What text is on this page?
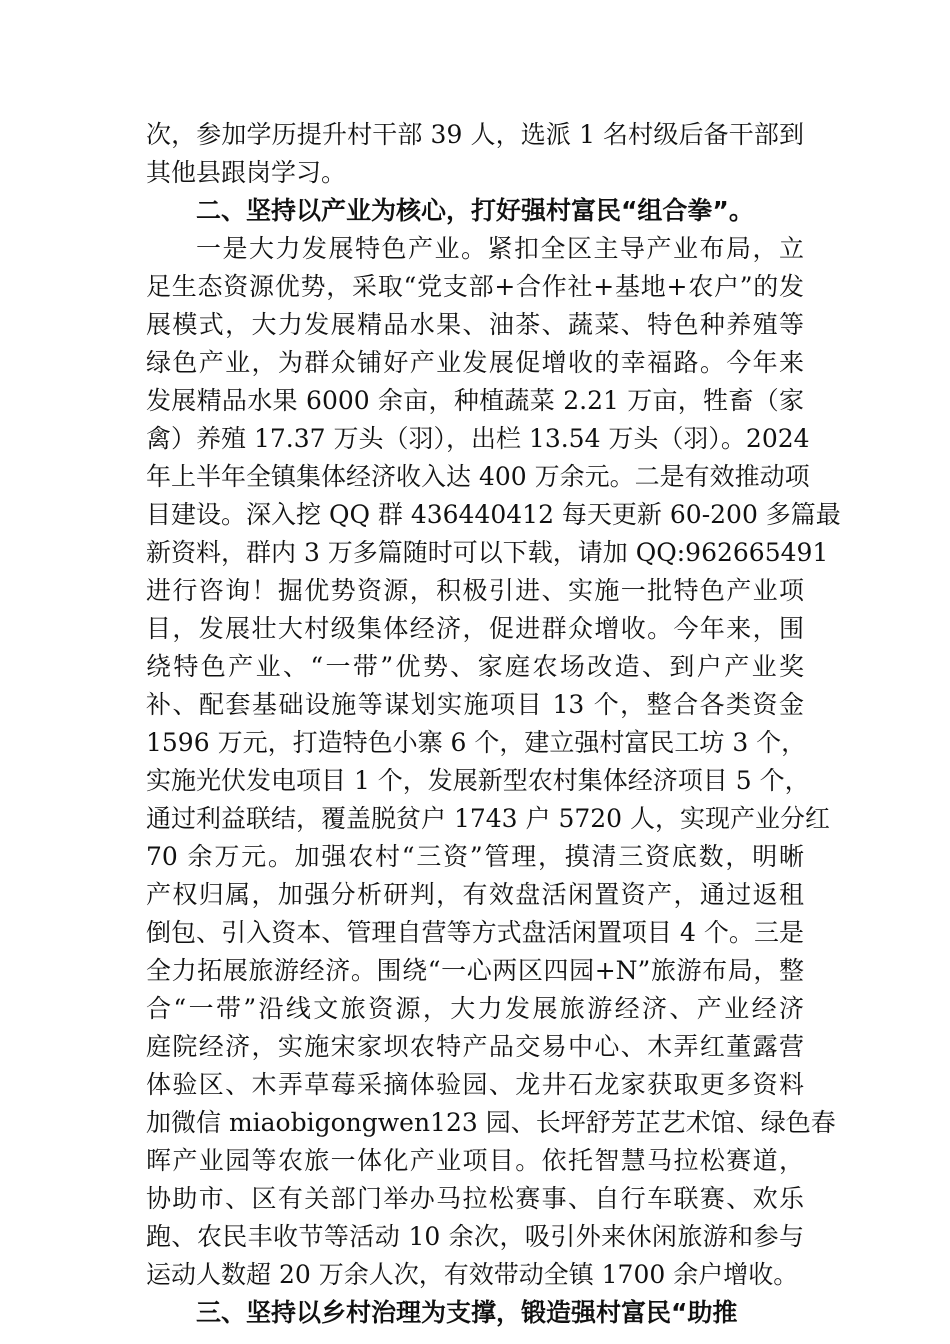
次，参加学历提升村干部 39 人，选派 1 名村级后备干部到
其他县跟岗学习。
二、坚持以产业为核心，打好强村富民“组合拳”。
一是大力发展特色产业。紧扣全区主导产业布局，立
足生态资源优势，采取“党支部+合作社+基地+农户”的发
展模式，大力发展精品水果、油茶、蔬菜、特色种养殖等
绿色产业，为群众铺好产业发展促增收的幸福路。今年来
发展精品水果 6000 余亩，种植蔬菜 2.21 万亩，牲畜（家
禽）养殖 17.37 万头（羽），出栏 13.54 万头（羽）。2024
年上半年全镇集体经济收入达 400 万余元。二是有效推动项
目建设。深入挖 QQ 群 436440412 每天更新 60-200 多篇最
新资料，群内 3 万多篇随时可以下载，请加 QQ:962665491
进行咨询！掘优势资源，积极引进、实施一批特色产业项
目，发展壮大村级集体经济，促进群众增收。今年来，围
绕特色产业、“一带”优势、家庭农场改造、到户产业奖
补、配套基础设施等谋划实施项目 13 个，整合各类资金
1596 万元，打造特色小寨 6 个，建立强村富民工坊 3 个，
实施光伏发电项目 1 个，发展新型农村集体经济项目 5 个，
通过利益联结，覆盖脱贫户 1743 户 5720 人，实现产业分红
70 余万元。加强农村“三资”管理，摸清三资底数，明晰
产权归属，加强分析研判，有效盘活闲置资产，通过返租
倒包、引入资本、管理自营等方式盘活闲置项目 4 个。三是
全力拓展旅游经济。围绕“一心两区四园+N”旅游布局，整
合“一带”沿线文旅资源，大力发展旅游经济、产业经济
庭院经济，实施宋家坝农特产品交易中心、木弄红董露营
体验区、木弄草莓采摘体验园、龙井石龙家获取更多资料
加微信 miaobigongwen123 园、长坪舒芳芷艺术馆、绿色春
晖产业园等农旅一体化产业项目。依托智慧马拉松赛道，
协助市、区有关部门举办马拉松赛事、自行车联赛、欢乐
跑、农民丰收节等活动 10 余次，吸引外来休闲旅游和参与
运动人数超 20 万余人次，有效带动全镇 1700 余户增收。
三、坚持以乡村治理为支撑，锻造强村富民“助推
